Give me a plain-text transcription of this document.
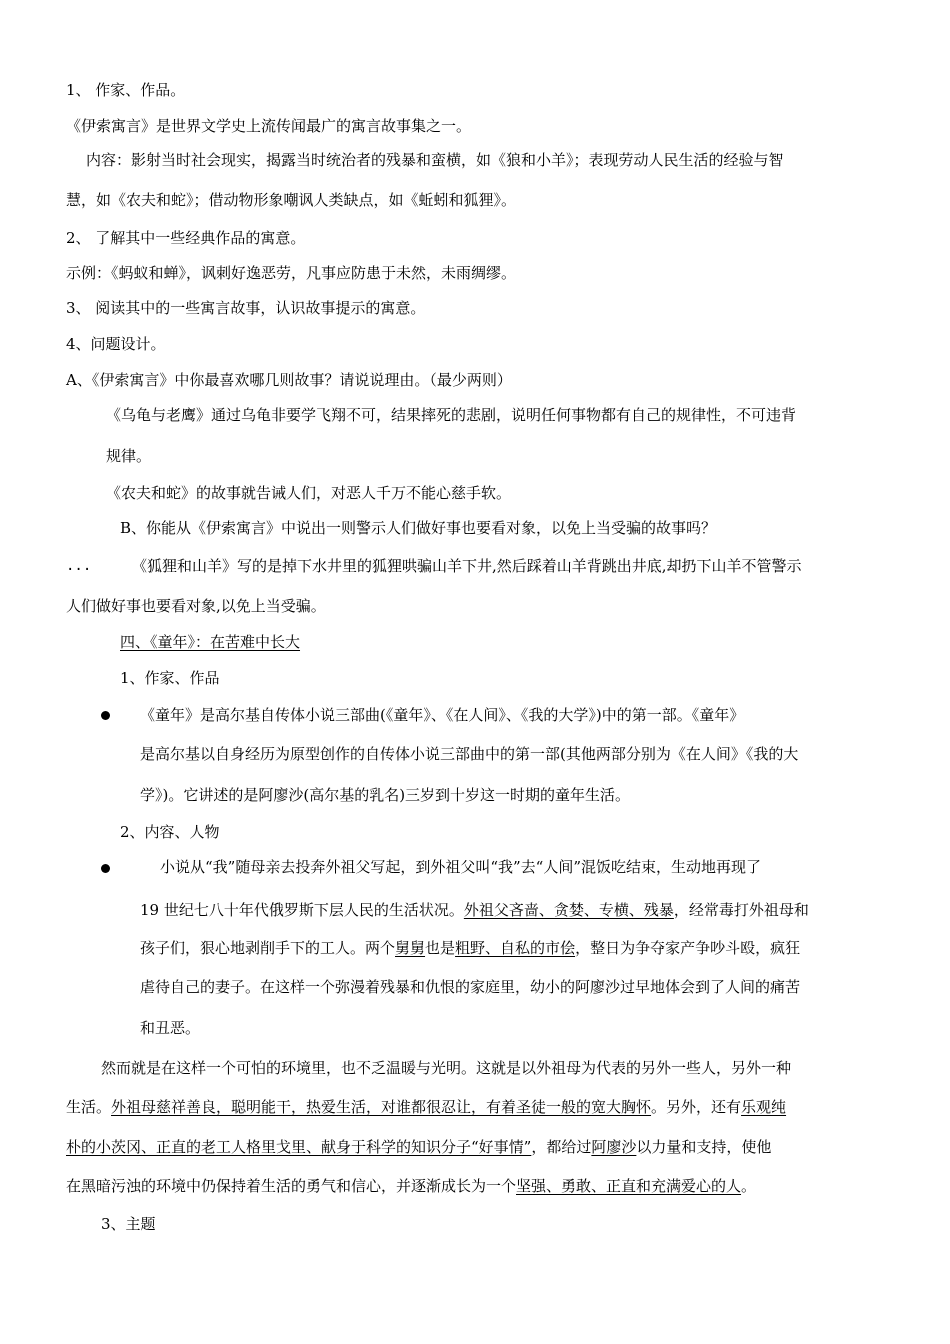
1、 作家、作品。
《伊索寓言》是世界文学史上流传闻最广的寓言故事集之一。
内容：影射当时社会现实，揭露当时统治者的残暴和蛮横，如《狼和小羊》；表现劳动人民生活的经验与智
慧，如《农夫和蛇》；借动物形象嘲讽人类缺点，如《蚯蚓和狐狸》。
2、 了解其中一些经典作品的寓意。
示例：《蚂蚁和蝉》，讽刺好逸恶劳，凡事应防患于未然，未雨绸缪。
3、 阅读其中的一些寓言故事，认识故事提示的寓意。
4、问题设计。
A、《伊索寓言》中你最喜欢哪几则故事？请说说理由。（最少两则）
《乌龟与老鹰》通过乌龟非要学飞翔不可，结果摔死的悲剧，说明任何事物都有自己的规律性，不可违背
规律。
《农夫和蛇》的故事就告诫人们，对恶人千万不能心慈手软。
B、你能从《伊索寓言》中说出一则警示人们做好事也要看对象，以免上当受骗的故事吗？
...	《狐狸和山羊》写的是掉下水井里的狐狸哄骗山羊下井,然后踩着山羊背跳出井底,却扔下山羊不管警示
人们做好事也要看对象,以免上当受骗。
四、《童年》：在苦难中长大
1、作家、作品
《童年》是高尔基自传体小说三部曲(《童年》、《在人间》、《我的大学》)中的第一部。《童年》
是高尔基以自身经历为原型创作的自传体小说三部曲中的第一部(其他两部分别为《在人间》《我的大
学》)。它讲述的是阿廖沙(高尔基的乳名)三岁到十岁这一时期的童年生活。
2、内容、人物
小说从“我”随母亲去投奔外祖父写起，到外祖父叫“我”去“人间”混饭吃结束，生动地再现了
19 世纪七八十年代俄罗斯下层人民的生活状况。外祖父吝啬、贪婪、专横、残暴，经常毒打外祖母和
孩子们，狠心地剥削手下的工人。两个舅舅也是粗野、自私的市侩，整日为争夺家产争吵斗殴，疯狂
虐待自己的妻子。在这样一个弥漫着残暴和仇恨的家庭里，幼小的阿廖沙过早地体会到了人间的痛苦
和丑恶。
然而就是在这样一个可怕的环境里，也不乏温暖与光明。这就是以外祖母为代表的另外一些人，另外一种
生活。外祖母慈祥善良，聪明能干，热爱生活，对谁都很忍让，有着圣徒一般的宽大胸怀。另外，还有乐观纯
朴的小茨冈、正直的老工人格里戈里、献身于科学的知识分子“好事情”，都给过阿廖沙以力量和支持，使他
在黑暗污浊的环境中仍保持着生活的勇气和信心，并逐渐成长为一个坚强、勇敢、正直和充满爱心的人。
3、主题
